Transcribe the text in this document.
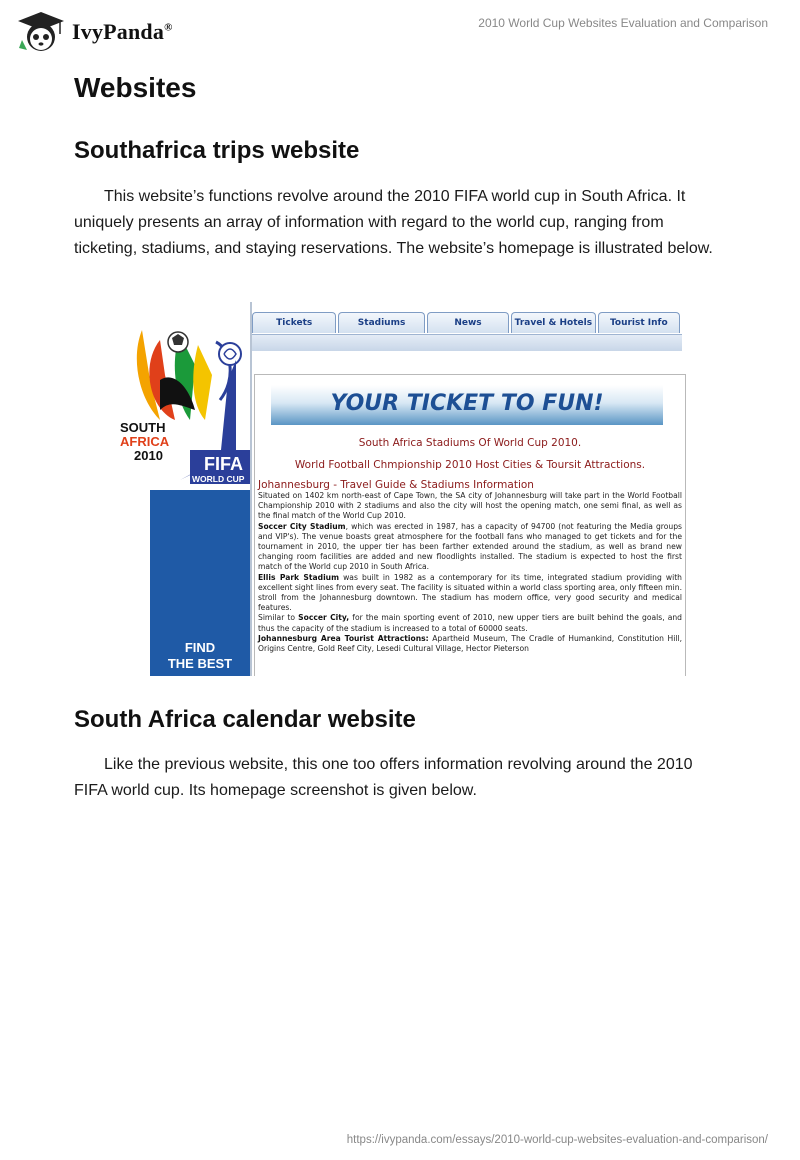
IvyPanda®	2010 World Cup Websites Evaluation and Comparison
Websites
Southafrica trips website

This website’s functions revolve around the 2010 FIFA world cup in South Africa. It uniquely presents an array of information with regard to the world cup, ranging from ticketing, stadiums, and staying reservations. The website’s homepage is illustrated below.

SOUTH
AFRICA
2010 FIFA
WORLD CUP
FIND
THE BEST
Tickets	Stadiums	News	Travel & Hotels	Tourist Info
YOUR TICKET TO FUN!
South Africa Stadiums Of World Cup 2010.
World Football Chmpionship 2010 Host Cities & Toursit Attractions.
Johannesburg - Travel Guide & Stadiums Information
Situated on 1402 km north-east of Cape Town, the SA city of Johannesburg will take part in the World Football Championship 2010 with 2 stadiums and also the city will host the opening match, one semi final, as well as the final match of the World Cup 2010.
Soccer City Stadium, which was erected in 1987, has a capacity of 94700 (not featuring the Media groups and VIP's). The venue boasts great atmosphere for the football fans who managed to get tickets and for the tournament in 2010, the upper tier has been farther extended around the stadium, as well as brand new changing room facilities are added and new floodlights installed. The stadium is expected to host the first match of the World cup 2010 in South Africa.
Ellis Park Stadium was built in 1982 as a contemporary for its time, integrated stadium providing with excellent sight lines from every seat. The facility is situated within a world class sporting area, only fifteen min. stroll from the Johannesburg downtown. The stadium has modern office, very good security and medical features.
Similar to Soccer City, for the main sporting event of 2010, new upper tiers are built behind the goals, and thus the capacity of the stadium is increased to a total of 60000 seats.
Johannesburg Area Tourist Attractions: Apartheid Museum, The Cradle of Humankind, Constitution Hill, Origins Centre, Gold Reef City, Lesedi Cultural Village, Hector Pieterson
South Africa calendar website

Like the previous website, this one too offers information revolving around the 2010 FIFA world cup. Its homepage screenshot is given below.

https://ivypanda.com/essays/2010-world-cup-websites-evaluation-and-comparison/
